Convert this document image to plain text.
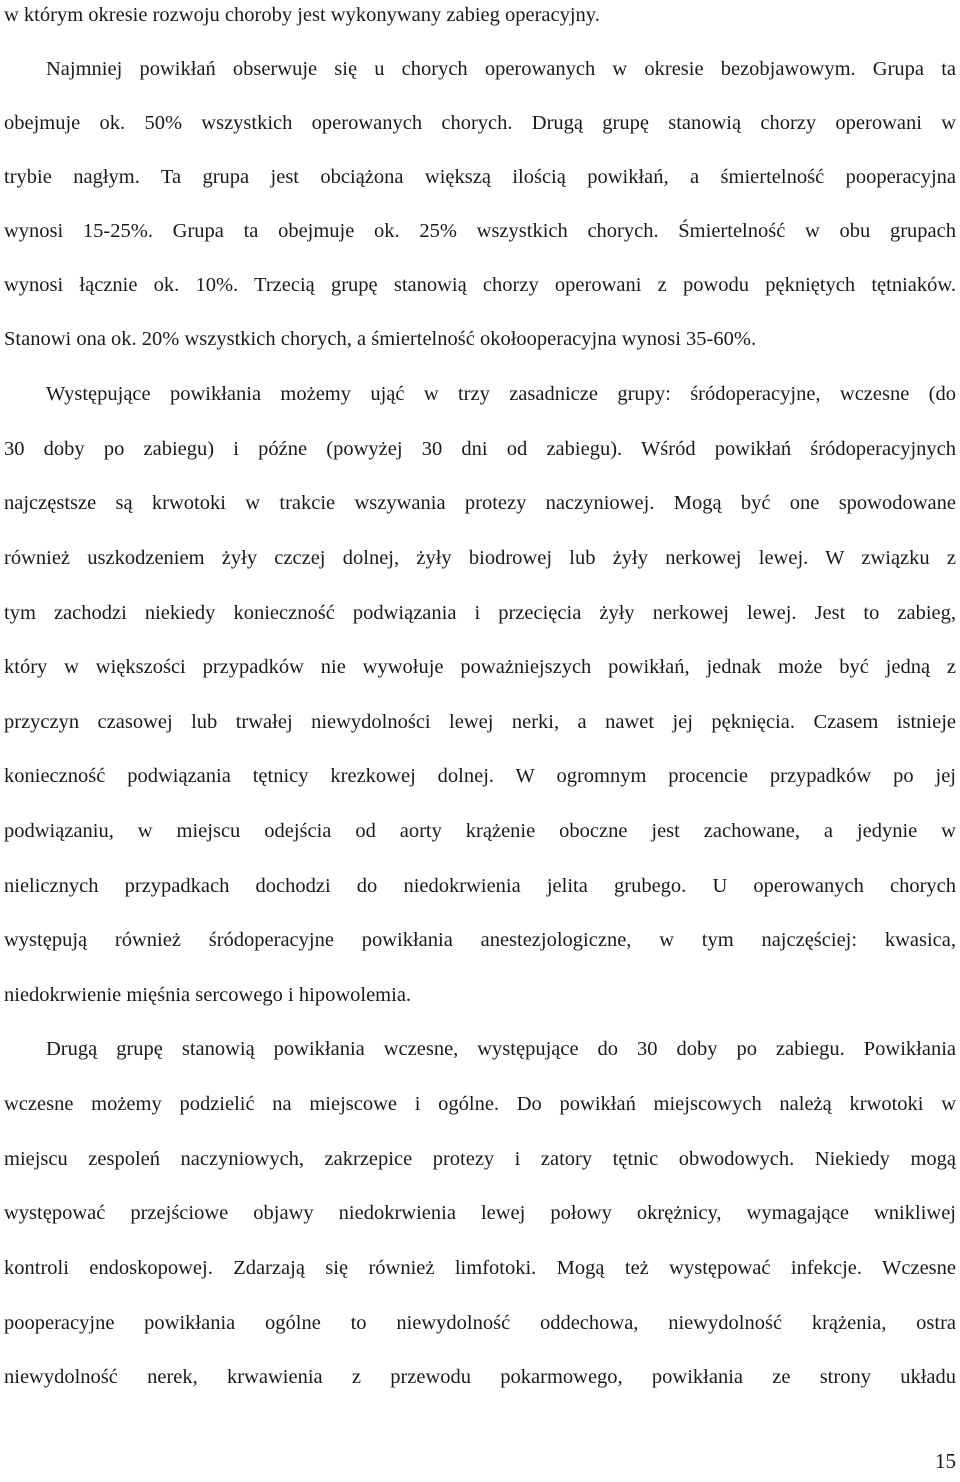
w którym okresie rozwoju choroby jest wykonywany zabieg operacyjny.
Najmniej powikłań obserwuje się u chorych operowanych w okresie bezobjawowym. Grupa ta
obejmuje ok. 50% wszystkich operowanych chorych. Drugą grupę stanowią chorzy operowani w
trybie nagłym. Ta grupa jest obciążona większą ilością powikłań, a śmiertelność pooperacyjna
wynosi 15-25%. Grupa ta obejmuje ok. 25% wszystkich chorych. Śmiertelność w obu grupach
wynosi łącznie ok. 10%. Trzecią grupę stanowią chorzy operowani z powodu pękniętych tętniaków.
Stanowi ona ok. 20% wszystkich chorych, a śmiertelność okołooperacyjna wynosi 35-60%.
Występujące powikłania możemy ująć w trzy zasadnicze grupy: śródoperacyjne, wczesne (do
30 doby po zabiegu) i późne (powyżej 30 dni od zabiegu). Wśród powikłań śródoperacyjnych
najczęstsze są krwotoki w trakcie wszywania protezy naczyniowej. Mogą być one spowodowane
również uszkodzeniem żyły czczej dolnej, żyły biodrowej lub żyły nerkowej lewej. W związku z
tym zachodzi niekiedy konieczność podwiązania i przecięcia żyły nerkowej lewej. Jest to zabieg,
który w większości przypadków nie wywołuje poważniejszych powikłań, jednak może być jedną z
przyczyn czasowej lub trwałej niewydolności lewej nerki, a nawet jej pęknięcia. Czasem istnieje
konieczność podwiązania tętnicy krezkowej dolnej. W ogromnym procencie przypadków po jej
podwiązaniu, w miejscu odejścia od aorty krążenie oboczne jest zachowane, a jedynie w
nielicznych przypadkach dochodzi do niedokrwienia jelita grubego. U operowanych chorych
występują również śródoperacyjne powikłania anestezjologiczne, w tym najczęściej: kwasica,
niedokrwienie mięśnia sercowego i hipowolemia.
Drugą grupę stanowią powikłania wczesne, występujące do 30 doby po zabiegu. Powikłania
wczesne możemy podzielić na miejscowe i ogólne. Do powikłań miejscowych należą krwotoki w
miejscu zespoleń naczyniowych, zakrzepice protezy i zatory tętnic obwodowych. Niekiedy mogą
występować przejściowe objawy niedokrwienia lewej połowy okrężnicy, wymagające wnikliwej
kontroli endoskopowej. Zdarzają się również limfotoki. Mogą też występować infekcje. Wczesne
pooperacyjne powikłania ogólne to niewydolność oddechowa, niewydolność krążenia, ostra
niewydolność nerek, krwawienia z przewodu pokarmowego, powikłania ze strony układu
15
